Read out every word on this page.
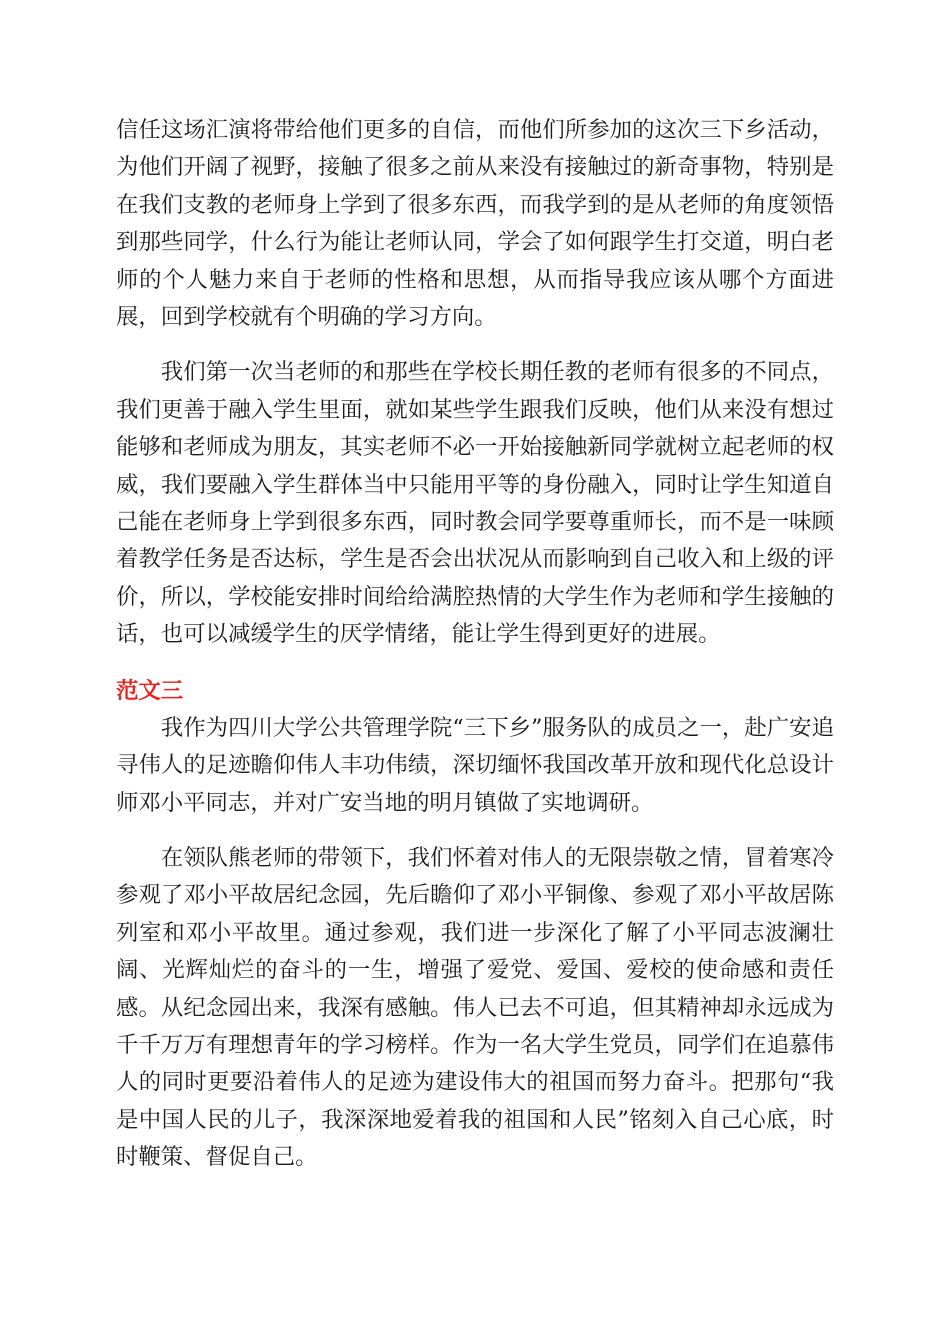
信任这场汇演将带给他们更多的自信，而他们所参加的这次三下乡活动，为他们开阔了视野，接触了很多之前从来没有接触过的新奇事物，特别是在我们支教的老师身上学到了很多东西，而我学到的是从老师的角度领悟到那些同学，什么行为能让老师认同，学会了如何跟学生打交道，明白老师的个人魅力来自于老师的性格和思想，从而指导我应该从哪个方面进展，回到学校就有个明确的学习方向。

我们第一次当老师的和那些在学校长期任教的老师有很多的不同点，我们更善于融入学生里面，就如某些学生跟我们反映，他们从来没有想过能够和老师成为朋友，其实老师不必一开始接触新同学就树立起老师的权威，我们要融入学生群体当中只能用平等的身份融入，同时让学生知道自己能在老师身上学到很多东西，同时教会同学要尊重师长，而不是一味顾着教学任务是否达标，学生是否会出状况从而影响到自己收入和上级的评价，所以，学校能安排时间给给满腔热情的大学生作为老师和学生接触的话，也可以减缓学生的厌学情绪，能让学生得到更好的进展。

范文三

我作为四川大学公共管理学院“三下乡”服务队的成员之一，赴广安追寻伟人的足迹瞻仰伟人丰功伟绩，深切缅怀我国改革开放和现代化总设计师邓小平同志，并对广安当地的明月镇做了实地调研。

在领队熊老师的带领下，我们怀着对伟人的无限崇敬之情，冒着寒冷参观了邓小平故居纪念园，先后瞻仰了邓小平铜像、参观了邓小平故居陈列室和邓小平故里。通过参观，我们进一步深化了解了小平同志波澜壮阔、光辉灿烂的奋斗的一生，增强了爱党、爱国、爱校的使命感和责任感。从纪念园出来，我深有感触。伟人已去不可追，但其精神却永远成为千千万万有理想青年的学习榜样。作为一名大学生党员，同学们在追慕伟人的同时更要沿着伟人的足迹为建设伟大的祖国而努力奋斗。把那句“我是中国人民的儿子，我深深地爱着我的祖国和人民”铭刻入自己心底，时时鞭策、督促自己。
